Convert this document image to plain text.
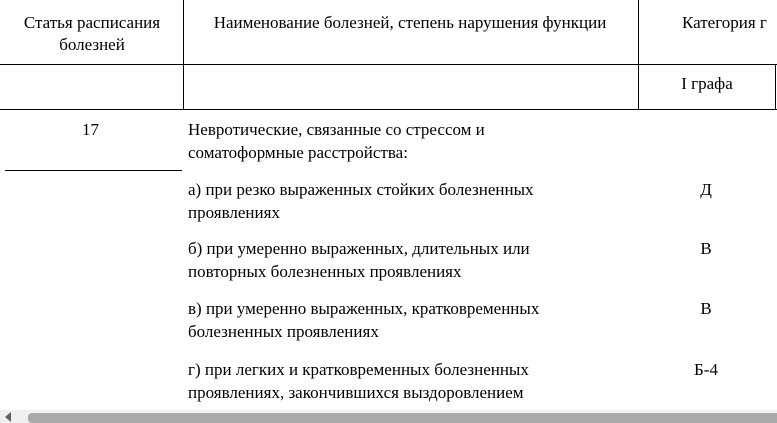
Статья расписания болезней
Наименование болезней, степень нарушения функции	Категория г
I графа
17	Невротические, связанные со стрессом и
соматоформные расстройства:
а) при резко выраженных стойких болезненных
проявлениях
Д
б) при умеренно выраженных, длительных или
повторных болезненных проявлениях
В
в) при умеренно выраженных, кратковременных
болезненных проявлениях
В
г) при легких и кратковременных болезненных
проявлениях, закончившихся выздоровлением
Б-4
